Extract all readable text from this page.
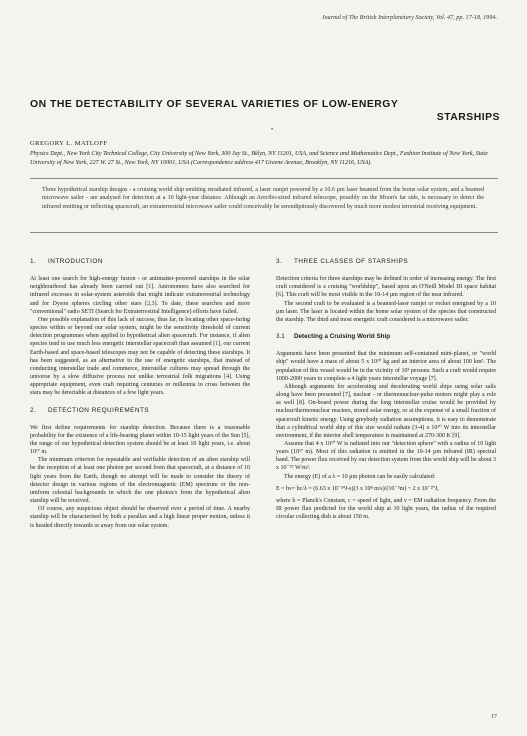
Journal of The British Interplanetary Society, Vol. 47, pp. 17-18, 1994.
ON THE DETECTABILITY OF SEVERAL VARIETIES OF LOW-ENERGY
STARSHIPS
•
GREGORY L. MATLOFF
Physics Dept., New York City Technical College, City University of New York, 300 Jay St., Bklyn, NY 11201, USA, and Science and Mathematics Dept., Fashion Institute of New York, State University of New York, 227 W. 27 St., New York, NY 10001, USA (Correspondence address 417 Greene Avenue, Brooklyn, NY 11216, USA).
Three hypothetical starship designs - a cruising world ship emitting reradiated infrared, a laser ramjet powered by a 10.6 µm laser beamed from the home solar system, and a beamed microwave sailer - are analysed for detection at a 10 light-year distance. Although an Arecibo-sized infrared telescope, possibly on the Moon's far side, is necessary to detect the infrared emitting or reflecting spacecraft, an extraterrestrial microwave sailer could conceivably be serendipitously discovered by much more modest terrestrial receiving equipment.
1. INTRODUCTION

At least one search for high-energy fusion - or antimatter-powered starships in the solar neighbourhood has already been carried out [1]. Astronomers have also searched for infrared excesses in solar-system asteroids that might indicate extraterrestrial technology and for Dyson spheres circling other stars [2,3]. To date, these searches and more "conventional" radio SETI (Search for Extraterrestrial Intelligence) efforts have failed.

One possible explanation of this lack of success, thus far, in locating other space-faring species within or beyond our solar system, might be the sensitivity threshold of current detection programmes when applied to hypothetical alien spacecraft. For instance, if alien species tend to use much less energetic interstellar spacecraft than assumed [1], our current Earth-based and space-based telescopes may not be capable of detecting these starships. It has been suggested, as an alternative to the use of energetic starships, that instead of conducting interstellar trade and commerce, interstellar cultures may spread through the universe by a slow diffusive process not unlike terrestrial folk migrations [4]. Using appropriate equipment, even craft requiring centuries or millennia to cross between the stars may be detectable at distances of a few light years.

2. DETECTION REQUIREMENTS

We first define requirements for starship detection. Because there is a reasonable probability for the existence of a life-bearing planet within 10-15 light years of the Sun [5], the range of our hypothetical detection system should be at least 10 light years, i.e. about 10¹⁷ m.

The minimum criterion for repeatable and verifiable detection of an alien starship will be the reception of at least one photon per second from that spacecraft, at a distance of 10 light years from the Earth, though no attempt will be made to consider the theory of detector design in various regions of the electromagnetic (EM) spectrum or the non-uniform celestial backgrounds in which the one photon/s from the hypothetical alien starship will be received.

Of course, any suspicious object should be observed over a period of time. A nearby starship will be characterised by both a parallax and a high linear proper motion, unless it is headed directly towards or away from our solar system.

3. THREE CLASSES OF STARSHIPS

Detection criteria for three starships may be defined in order of increasing energy. The first craft considered is a cruising "worldship", based upon an O'Neill Model III space habitat [6]. This craft will be most visible in the 10-14 µm region of the near infrared.

The second craft to be evaluated is a beamed-laser ramjet or rocket energised by a 10 µm laser. The laser is located within the home solar system of the species that constructed the starship. The third and most energetic craft considered is a microwave sailer.

3.1 Detecting a Cruising World Ship

Arguments have been presented that the minimum self-contained mini-planet, or "world ship" would have a mass of about 5 x 10¹⁰ kg and an interior area of about 100 km². The population of this vessel would be in the vicinity of 10³ persons. Such a craft would require 1000-2000 years to complete a 4 light years interstellar voyage [7].

Although arguments for accelerating and decelerating world ships using solar sails along have been presented [7], nuclear - or thermonuclear-pulse motors might play a role as well [8]. On-board power during the long interstellar cruise would be provided by nuclear/thermonuclear reactors, stored solar energy, or at the expense of a small fraction of spacecraft kinetic energy. Using greybody radiation assumptions, it is easy to demonstrate that a cylindrical world ship of this size would radiate (3-4) x 10¹⁰ W into its interstellar environment, if the interior shell temperature is maintained at 270-300 K [9].

Assume that 4 x 10¹⁰ W is radiated into our "detection sphere" with a radius of 10 light years (10¹⁷ m). Most of this radiation is emitted in the 10-14 µm infrared (IR) spectral band. The power flux received by our detection system from this world ship will be about 3 x 10⁻²⁵ W/m².

The energy (E) of a λ = 10 µm photon can be easily calculated:

E = hν= hc/λ = (6.63 x 10⁻³⁴J-s)(3 x 10⁸ m/s)/(10⁻⁵m) ~ 2 x 10⁻²⁰J,

where h = Planck's Constant, c = speed of light, and ν = EM radiation frequency. From the IR power flux predicted for the world ship at 10 light years, the radius of the required circular collecting dish is about 150 m.

17
